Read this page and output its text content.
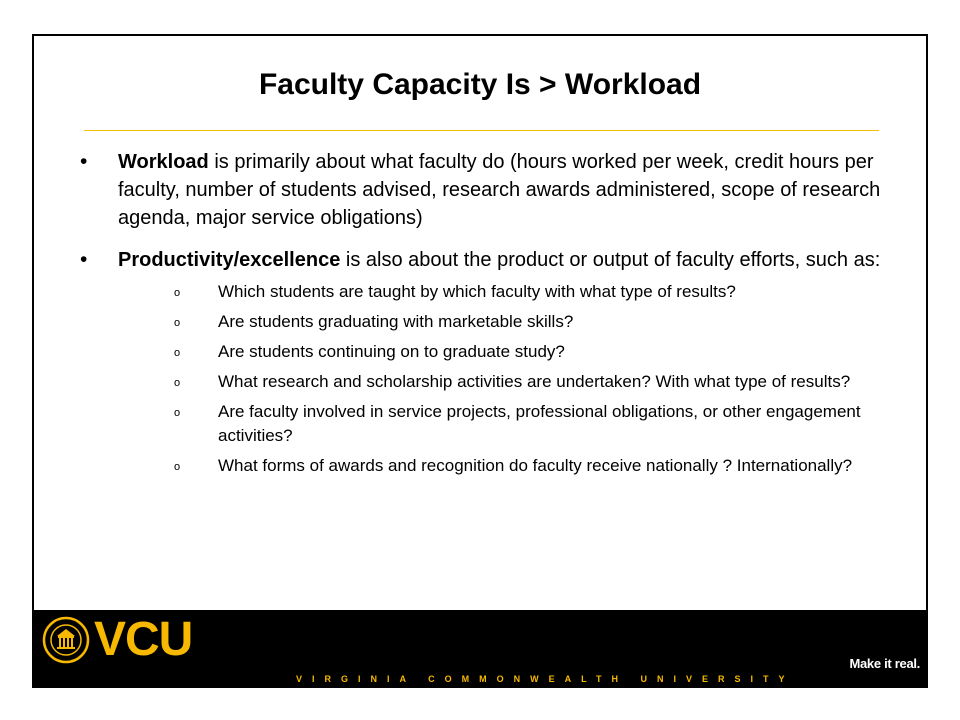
Faculty Capacity Is > Workload
• Workload is primarily about what faculty do (hours worked per week, credit hours per faculty, number of students advised, research awards administered, scope of research agenda, major service obligations)
• Productivity/excellence is also about the product or output of faculty efforts, such as:
o Which students are taught by which faculty with what type of results?
o Are students graduating with marketable skills?
o Are students continuing on to graduate study?
o What research and scholarship activities are undertaken? With what type of results?
o Are faculty involved in service projects, professional obligations, or other engagement activities?
o What forms of awards and recognition do faculty receive nationally ? Internationally?
VCU
VIRGINIA COMMONWEALTH UNIVERSITY
Make it real.
